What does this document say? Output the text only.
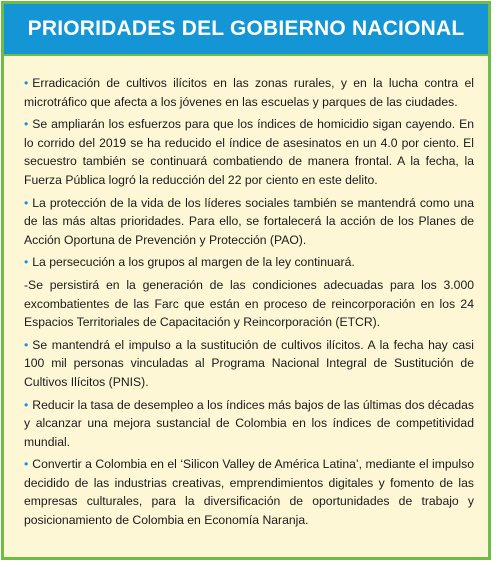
PRIORIDADES DEL GOBIERNO NACIONAL

• Erradicación de cultivos ilícitos en las zonas rurales, y en la lucha contra el microtráfico que afecta a los jóvenes en las escuelas y parques de las ciudades.

• Se ampliarán los esfuerzos para que los índices de homicidio sigan cayendo. En lo corrido del 2019 se ha reducido el índice de asesinatos en un 4.0 por ciento. El secuestro también se continuará combatiendo de manera frontal. A la fecha, la Fuerza Pública logró la reducción del 22 por ciento en este delito.

• La protección de la vida de los líderes sociales también se mantendrá como una de las más altas prioridades. Para ello, se fortalecerá la acción de los Planes de Acción Oportuna de Prevención y Protección (PAO).

• La persecución a los grupos al margen de la ley continuará.

-Se persistirá en la generación de las condiciones adecuadas para los 3.000 excombatientes de las Farc que están en proceso de reincorporación en los 24 Espacios Territoriales de Capacitación y Reincorporación (ETCR).

• Se mantendrá el impulso a la sustitución de cultivos ilícitos. A la fecha hay casi 100 mil personas vinculadas al Programa Nacional Integral de Sustitución de Cultivos Ilícitos (PNIS).

• Reducir la tasa de desempleo a los índices más bajos de las últimas dos décadas y alcanzar una mejora sustancial de Colombia en los índices de competitividad mundial.

• Convertir a Colombia en el ‘Silicon Valley de América Latina’, mediante el impulso decidido de las industrias creativas, emprendimientos digitales y fomento de las empresas culturales, para la diversificación de oportunidades de trabajo y posicionamiento de Colombia en Economía Naranja.
